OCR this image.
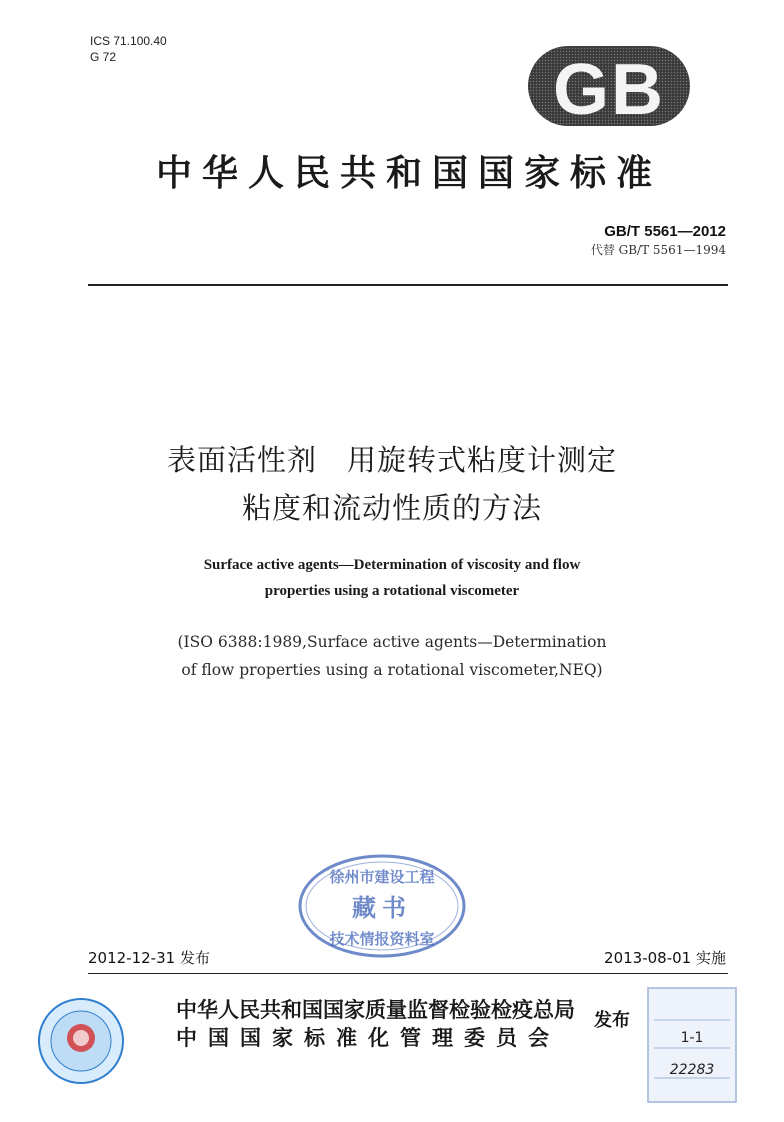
ICS 71.100.40
G 72	GB
中华人民共和国国家标准
GB/T 5561—2012
代替 GB/T 5561—1994
表面活性剂　用旋转式粘度计测定
粘度和流动性质的方法
Surface active agents—Determination of viscosity and flow
properties using a rotational viscometer
(ISO 6388:1989,Surface active agents—Determination
of flow properties using a rotational viscometer,NEQ)
徐州市建设工程
藏书
技术情报资料室
2012-12-31 发布	2013-08-01 实施
中华人民共和国国家质量监督检验检疫总局
中国国家标准化管理委员会
发布
1-1
22283
